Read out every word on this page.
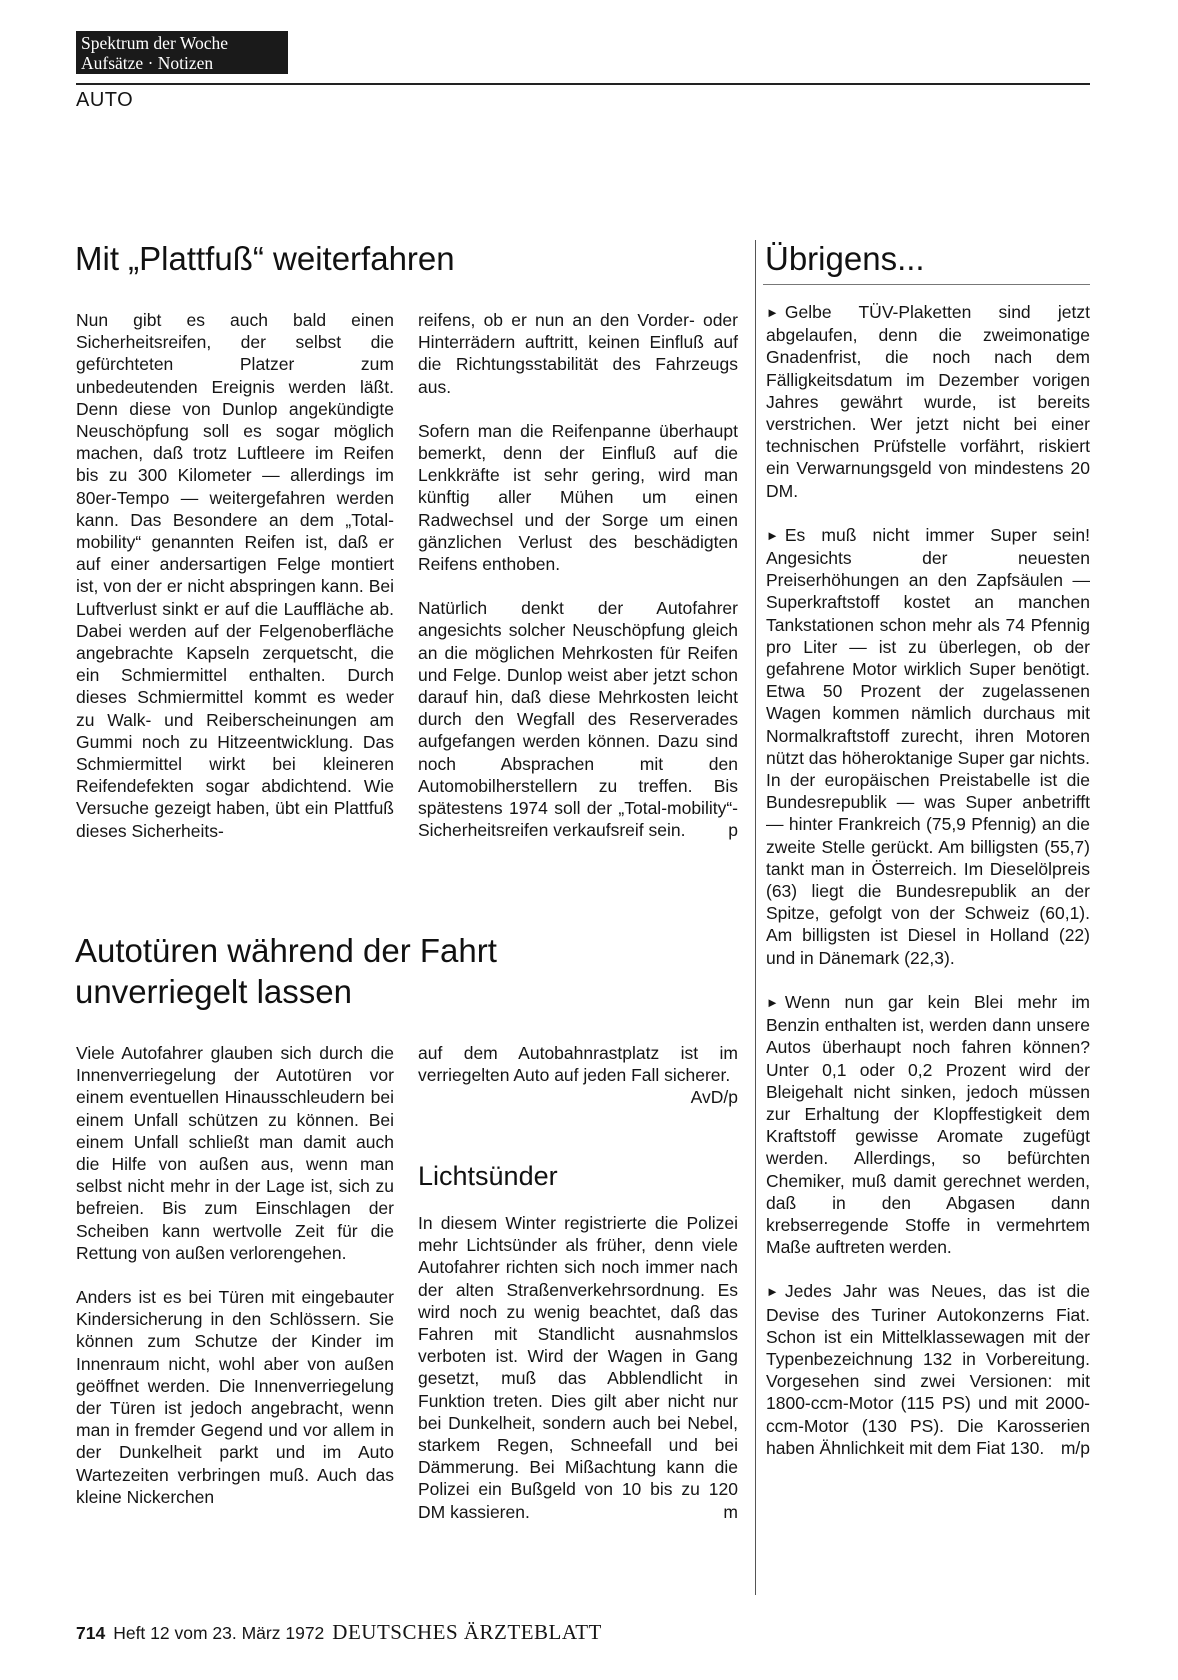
Spektrum der Woche
Aufsätze · Notizen
AUTO
Mit „Plattfuß“ weiterfahren

Nun gibt es auch bald einen Sicherheitsreifen, der selbst die gefürchteten Platzer zum unbedeutenden Ereignis werden läßt. Denn diese von Dunlop angekündigte Neuschöpfung soll es sogar möglich machen, daß trotz Luftleere im Reifen bis zu 300 Kilometer — allerdings im 80er-Tempo — weitergefahren werden kann. Das Besondere an dem „Total-mobility“ genannten Reifen ist, daß er auf einer andersartigen Felge montiert ist, von der er nicht abspringen kann. Bei Luftverlust sinkt er auf die Lauffläche ab. Dabei werden auf der Felgenoberfläche angebrachte Kapseln zerquetscht, die ein Schmiermittel enthalten. Durch dieses Schmiermittel kommt es weder zu Walk- und Reiberscheinungen am Gummi noch zu Hitzeentwicklung. Das Schmiermittel wirkt bei kleineren Reifendefekten sogar abdichtend. Wie Versuche gezeigt haben, übt ein Plattfuß dieses Sicherheits-

reifens, ob er nun an den Vorder- oder Hinterrädern auftritt, keinen Einfluß auf die Richtungsstabilität des Fahrzeugs aus.

Sofern man die Reifenpanne überhaupt bemerkt, denn der Einfluß auf die Lenkkräfte ist sehr gering, wird man künftig aller Mühen um einen Radwechsel und der Sorge um einen gänzlichen Verlust des beschädigten Reifens enthoben.

Natürlich denkt der Autofahrer angesichts solcher Neuschöpfung gleich an die möglichen Mehrkosten für Reifen und Felge. Dunlop weist aber jetzt schon darauf hin, daß diese Mehrkosten leicht durch den Wegfall des Reserverades aufgefangen werden können. Dazu sind noch Absprachen mit den Automobilherstellern zu treffen. Bis spätestens 1974 soll der „Total-mobility“-Sicherheitsreifen verkaufsreif sein. p

Autotüren während der Fahrt
unverriegelt lassen

Viele Autofahrer glauben sich durch die Innenverriegelung der Autotüren vor einem eventuellen Hinausschleudern bei einem Unfall schützen zu können. Bei einem Unfall schließt man damit auch die Hilfe von außen aus, wenn man selbst nicht mehr in der Lage ist, sich zu befreien. Bis zum Einschlagen der Scheiben kann wertvolle Zeit für die Rettung von außen verlorengehen.

Anders ist es bei Türen mit eingebauter Kindersicherung in den Schlössern. Sie können zum Schutze der Kinder im Innenraum nicht, wohl aber von außen geöffnet werden. Die Innenverriegelung der Türen ist jedoch angebracht, wenn man in fremder Gegend und vor allem in der Dunkelheit parkt und im Auto Wartezeiten verbringen muß. Auch das kleine Nickerchen

auf dem Autobahnrastplatz ist im verriegelten Auto auf jeden Fall sicherer.
AvD/p

Lichtsünder

In diesem Winter registrierte die Polizei mehr Lichtsünder als früher, denn viele Autofahrer richten sich noch immer nach der alten Straßenverkehrsordnung. Es wird noch zu wenig beachtet, daß das Fahren mit Standlicht ausnahmslos verboten ist. Wird der Wagen in Gang gesetzt, muß das Abblendlicht in Funktion treten. Dies gilt aber nicht nur bei Dunkelheit, sondern auch bei Nebel, starkem Regen, Schneefall und bei Dämmerung. Bei Mißachtung kann die Polizei ein Bußgeld von 10 bis zu 120 DM kassieren.	m

Übrigens...

► Gelbe TÜV-Plaketten sind jetzt abgelaufen, denn die zweimonatige Gnadenfrist, die noch nach dem Fälligkeitsdatum im Dezember vorigen Jahres gewährt wurde, ist bereits verstrichen. Wer jetzt nicht bei einer technischen Prüfstelle vorfährt, riskiert ein Verwarnungsgeld von mindestens 20 DM.

► Es muß nicht immer Super sein! Angesichts der neuesten Preiserhöhungen an den Zapfsäulen — Superkraftstoff kostet an manchen Tankstationen schon mehr als 74 Pfennig pro Liter — ist zu überlegen, ob der gefahrene Motor wirklich Super benötigt. Etwa 50 Prozent der zugelassenen Wagen kommen nämlich durchaus mit Normalkraftstoff zurecht, ihren Motoren nützt das höheroktanige Super gar nichts. In der europäischen Preistabelle ist die Bundesrepublik — was Super anbetrifft — hinter Frankreich (75,9 Pfennig) an die zweite Stelle gerückt. Am billigsten (55,7) tankt man in Österreich. Im Dieselölpreis (63) liegt die Bundesrepublik an der Spitze, gefolgt von der Schweiz (60,1). Am billigsten ist Diesel in Holland (22) und in Dänemark (22,3).

► Wenn nun gar kein Blei mehr im Benzin enthalten ist, werden dann unsere Autos überhaupt noch fahren können? Unter 0,1 oder 0,2 Prozent wird der Bleigehalt nicht sinken, jedoch müssen zur Erhaltung der Klopffestigkeit dem Kraftstoff gewisse Aromate zugefügt werden. Allerdings, so befürchten Chemiker, muß damit gerechnet werden, daß in den Abgasen dann krebserregende Stoffe in vermehrtem Maße auftreten werden.

► Jedes Jahr was Neues, das ist die Devise des Turiner Autokonzerns Fiat. Schon ist ein Mittelklassewagen mit der Typenbezeichnung 132 in Vorbereitung. Vorgesehen sind zwei Versionen: mit 1800-ccm-Motor (115 PS) und mit 2000-ccm-Motor (130 PS). Die Karosserien haben Ähnlichkeit mit dem Fiat 130. m/p

714 Heft 12 vom 23. März 1972 DEUTSCHES ÄRZTEBLATT
